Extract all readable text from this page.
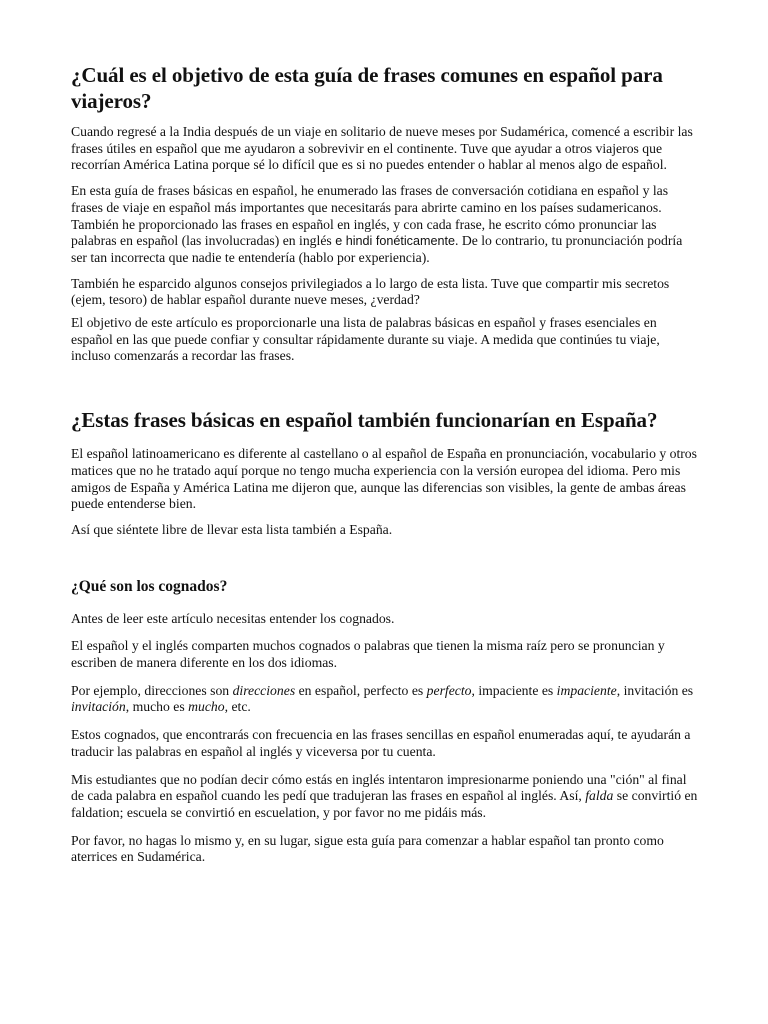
¿Cuál es el objetivo de esta guía de frases comunes en español para viajeros?

Cuando regresé a la India después de un viaje en solitario de nueve meses por Sudamérica, comencé a escribir las frases útiles en español que me ayudaron a sobrevivir en el continente. Tuve que ayudar a otros viajeros que recorrían América Latina porque sé lo difícil que es si no puedes entender o hablar al menos algo de español.

En esta guía de frases básicas en español, he enumerado las frases de conversación cotidiana en español y las frases de viaje en español más importantes que necesitarás para abrirte camino en los países sudamericanos. También he proporcionado las frases en español en inglés, y con cada frase, he escrito cómo pronunciar las palabras en español (las involucradas) en inglés e hindi fonéticamente. De lo contrario, tu pronunciación podría ser tan incorrecta que nadie te entendería (hablo por experiencia).

También he esparcido algunos consejos privilegiados a lo largo de esta lista. Tuve que compartir mis secretos (ejem, tesoro) de hablar español durante nueve meses, ¿verdad?

El objetivo de este artículo es proporcionarle una lista de palabras básicas en español y frases esenciales en español en las que puede confiar y consultar rápidamente durante su viaje. A medida que continúes tu viaje, incluso comenzarás a recordar las frases.

¿Estas frases básicas en español también funcionarían en España?

El español latinoamericano es diferente al castellano o al español de España en pronunciación, vocabulario y otros matices que no he tratado aquí porque no tengo mucha experiencia con la versión europea del idioma. Pero mis amigos de España y América Latina me dijeron que, aunque las diferencias son visibles, la gente de ambas áreas puede entenderse bien.

Así que siéntete libre de llevar esta lista también a España.

¿Qué son los cognados?

Antes de leer este artículo necesitas entender los cognados.

El español y el inglés comparten muchos cognados o palabras que tienen la misma raíz pero se pronuncian y escriben de manera diferente en los dos idiomas.

Por ejemplo, direcciones son direcciones en español, perfecto es perfecto, impaciente es impaciente, invitación es invitación, mucho es mucho, etc.

Estos cognados, que encontrarás con frecuencia en las frases sencillas en español enumeradas aquí, te ayudarán a traducir las palabras en español al inglés y viceversa por tu cuenta.

Mis estudiantes que no podían decir cómo estás en inglés intentaron impresionarme poniendo una "ción" al final de cada palabra en español cuando les pedí que tradujeran las frases en español al inglés. Así, falda se convirtió en faldation; escuela se convirtió en escuelation, y por favor no me pidáis más.

Por favor, no hagas lo mismo y, en su lugar, sigue esta guía para comenzar a hablar español tan pronto como aterrices en Sudamérica.
